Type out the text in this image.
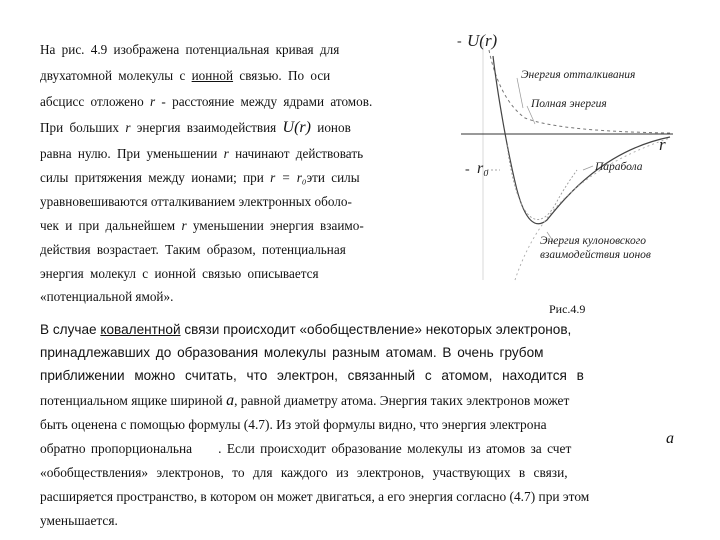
На рис. 4.9 изображена потенциальная кривая для
двухатомной молекулы с ионной связью. По оси
абсцисс отложено r - расстояние между ядрами атомов.
При больших r энергия взаимодействия U(r) ионов
равна нулю. При уменьшении r начинают действовать
силы притяжения между ионами; при r = r₀эти силы
уравновешиваются отталкиванием электронных оболо-
чек и при дальнейшем r уменьшении энергия взаимо-
действия возрастает. Таким образом, потенциальная
энергия молекул с ионной связью описывается
«потенциальной ямой».
- U(r)
r
- r₀
Энергия отталкивания
Полная энергия
Парабола
Энергия кулоновского
взаимодействия ионов
Рис.4.9
В случае ковалентной связи происходит «обобществление» некоторых электронов,
принадлежавших до образования молекулы разным атомам. В очень грубом
приближении можно считать, что электрон, связанный с атомом, находится в
потенциальном ящике шириной a, равной диаметру атома. Энергия таких электронов может
быть оценена с помощью формулы (4.7). Из этой формулы видно, что энергия электрона
обратно пропорциональна . Если происходит образование молекулы из атомов за счет
a
«обобществления» электронов, то для каждого из электронов, участвующих в связи,
расширяется пространство, в котором он может двигаться, а его энергия согласно (4.7) при этом
уменьшается.
